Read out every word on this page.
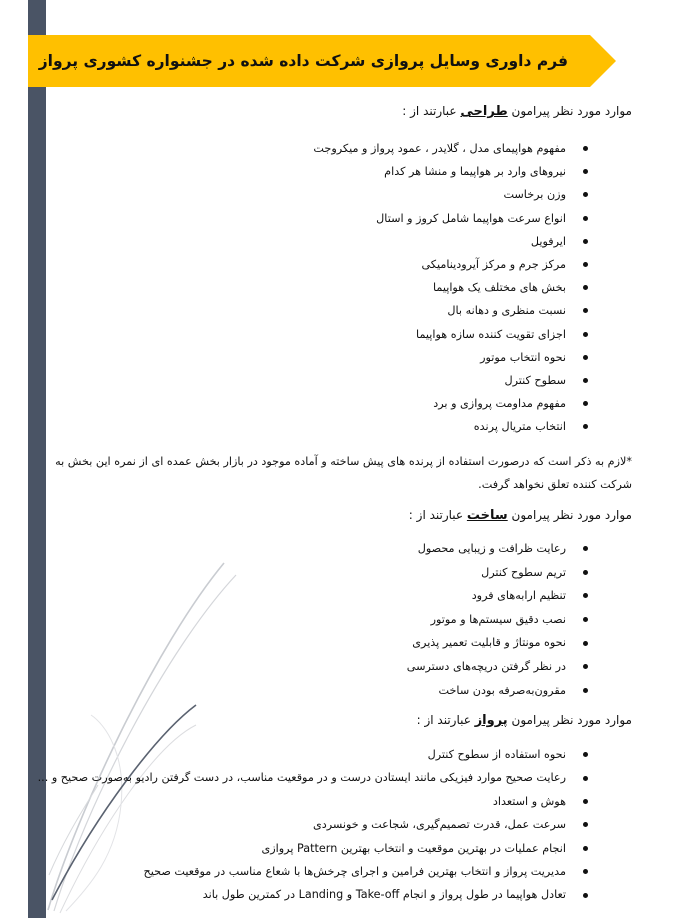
فرم داوری وسایل پروازی شرکت داده شده در جشنواره کشوری پرواز
موارد مورد نظر پیرامون طراحی عبارتند از :
مفهوم هواپیمای مدل ، گلایدر ، عمود پرواز و میکروجت
نیروهای وارد بر هواپیما و منشا هر کدام
وزن برخاست
انواع سرعت هواپیما شامل کروز و استال
ایرفویل
مرکز جرم و مرکز آیرودینامیکی
بخش های مختلف یک هواپیما
نسبت منظری و دهانه بال
اجزای تقویت کننده سازه هواپیما
نحوه انتخاب موتور
سطوح کنترل
مفهوم مداومت پروازی و برد
انتخاب متریال پرنده
*لازم به ذکر است که درصورت استفاده از پرنده های پیش ساخته و آماده موجود در بازار بخش عمده ای از نمره این بخش به
شرکت کننده تعلق نخواهد گرفت.
موارد مورد نظر پیرامون ساخت عبارتند از :
رعایت ظرافت و زیبایی محصول
تریم سطوح کنترل
تنظیم ارابه‌های فرود
نصب دقیق سیستم‌ها و موتور
نحوه مونتاژ و قابلیت تعمیر پذیری
در نظر گرفتن دریچه‌های دسترسی
مقرون‌به‌صرفه بودن ساخت
موارد مورد نظر پیرامون پرواز عبارتند از :
نحوه استفاده از سطوح کنترل
رعایت صحیح موارد فیزیکی مانند ایستادن درست و در موقعیت مناسب، در دست گرفتن رادیو به‌صورت صحیح و ...
هوش و استعداد
سرعت عمل، قدرت تصمیم‌گیری، شجاعت و خونسردی
انجام عملیات در بهترین موقعیت و انتخاب بهترین Pattern پروازی
مدیریت پرواز و انتخاب بهترین فرامین و اجرای چرخش‌ها با شعاع مناسب در موقعیت صحیح
تعادل هواپیما در طول پرواز و انجام Take-off و Landing در کمترین طول باند
